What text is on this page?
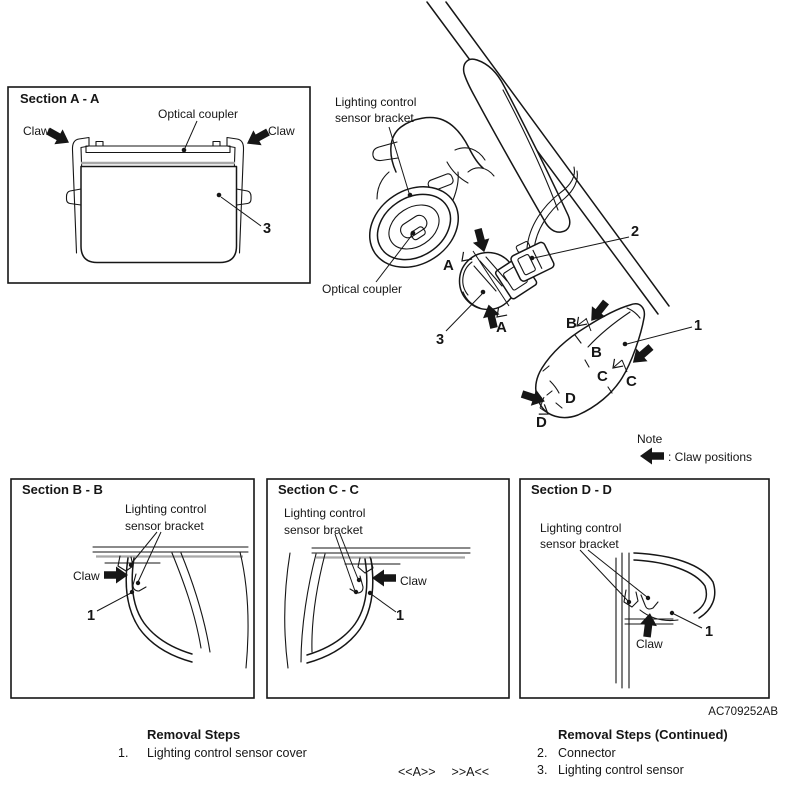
Lighting control
sensor bracket
Optical coupler
2
3
1
A
A	B
B
C C
D
D
Note
: Claw positions
Section A - A
Optical coupler
Claw	Claw
3
Section B - B
Lighting control
sensor bracket
Claw
1
Section C - C
Lighting control
sensor bracket
Claw
1
Section D - D
Lighting control
sensor bracket
Claw
1
AC709252AB
Removal Steps
1. Lighting control sensor cover
Removal Steps (Continued)
2. Connector
3. Lighting control sensor
<<A>> >>A<<
